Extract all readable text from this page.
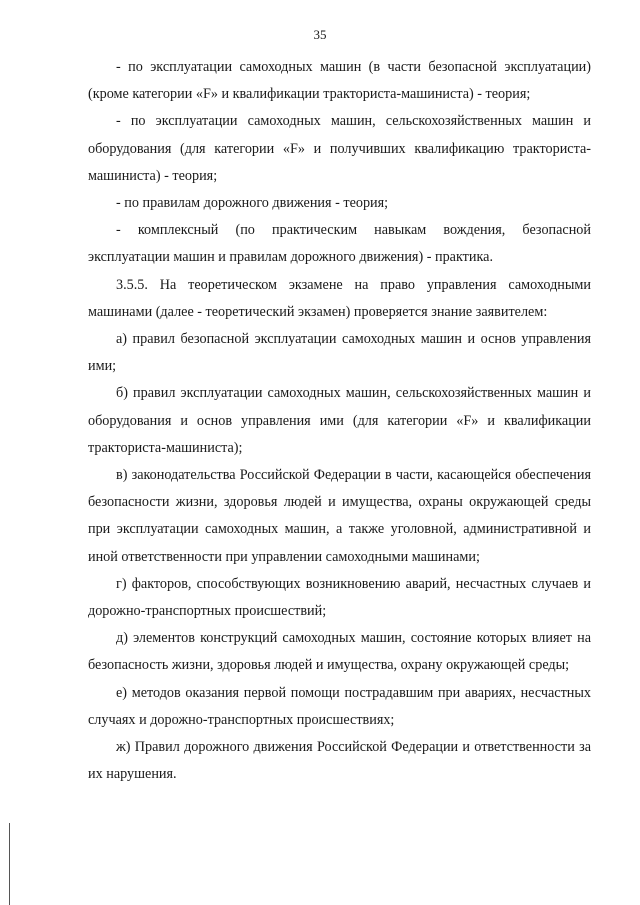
35

- по эксплуатации самоходных машин (в части безопасной эксплуатации) (кроме категории «F» и квалификации тракториста-машиниста) - теория;

- по эксплуатации самоходных машин, сельскохозяйственных машин и оборудования (для категории «F» и получивших квалификацию тракториста-машиниста) - теория;

- по правилам дорожного движения - теория;

- комплексный (по практическим навыкам вождения, безопасной эксплуатации машин и правилам дорожного движения) - практика.

3.5.5. На теоретическом экзамене на право управления самоходными машинами (далее - теоретический экзамен) проверяется знание заявителем:

а) правил безопасной эксплуатации самоходных машин и основ управления ими;

б) правил эксплуатации самоходных машин, сельскохозяйственных машин и оборудования и основ управления ими (для категории «F» и квалификации тракториста-машиниста);

в) законодательства Российской Федерации в части, касающейся обеспечения безопасности жизни, здоровья людей и имущества, охраны окружающей среды при эксплуатации самоходных машин, а также уголовной, административной и иной ответственности при управлении самоходными машинами;

г) факторов, способствующих возникновению аварий, несчастных случаев и дорожно-транспортных происшествий;

д) элементов конструкций самоходных машин, состояние которых влияет на безопасность жизни, здоровья людей и имущества, охрану окружающей среды;

е) методов оказания первой помощи пострадавшим при авариях, несчастных случаях и дорожно-транспортных происшествиях;

ж) Правил дорожного движения Российской Федерации и ответственности за их нарушения.
